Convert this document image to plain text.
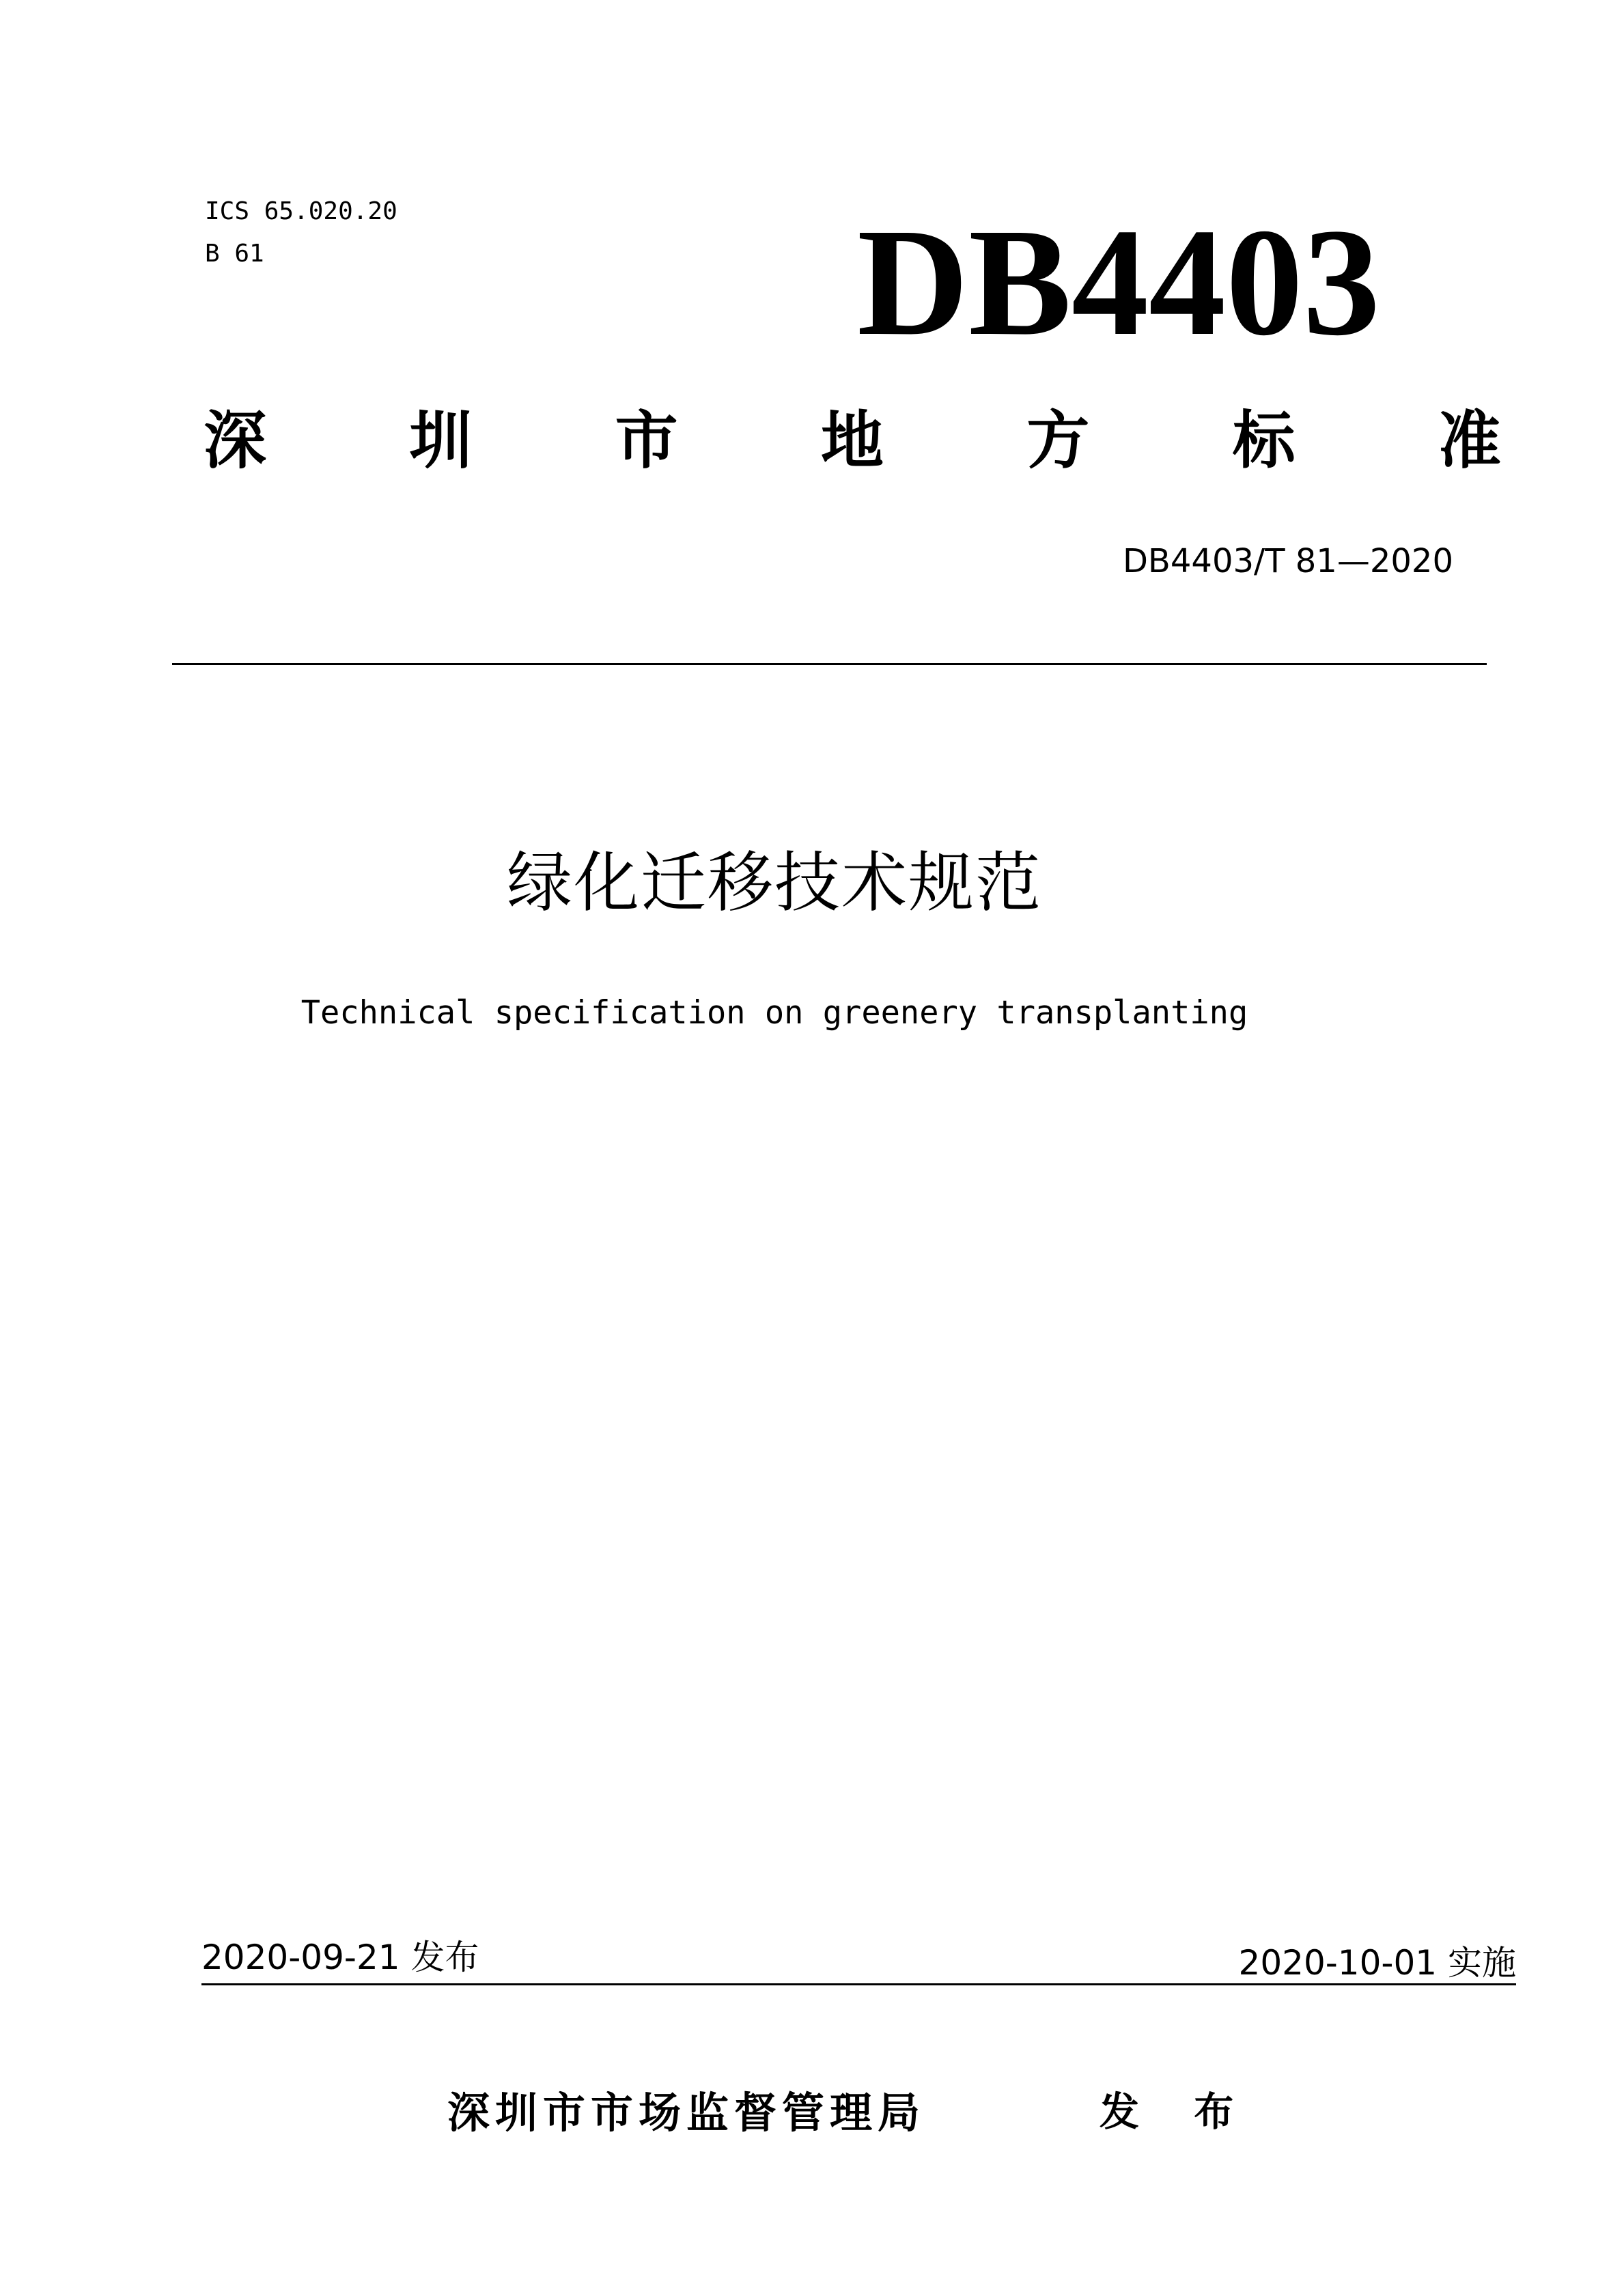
ICS 65.020.20
B 61	DB4403
深 圳 市 地 方 标 准
DB4403/T 81—2020
绿化迁移技术规范
Technical specification on greenery transplanting
2020-09-21 发布	2020-10-01 实施
深圳市市场监督管理局	发 布
